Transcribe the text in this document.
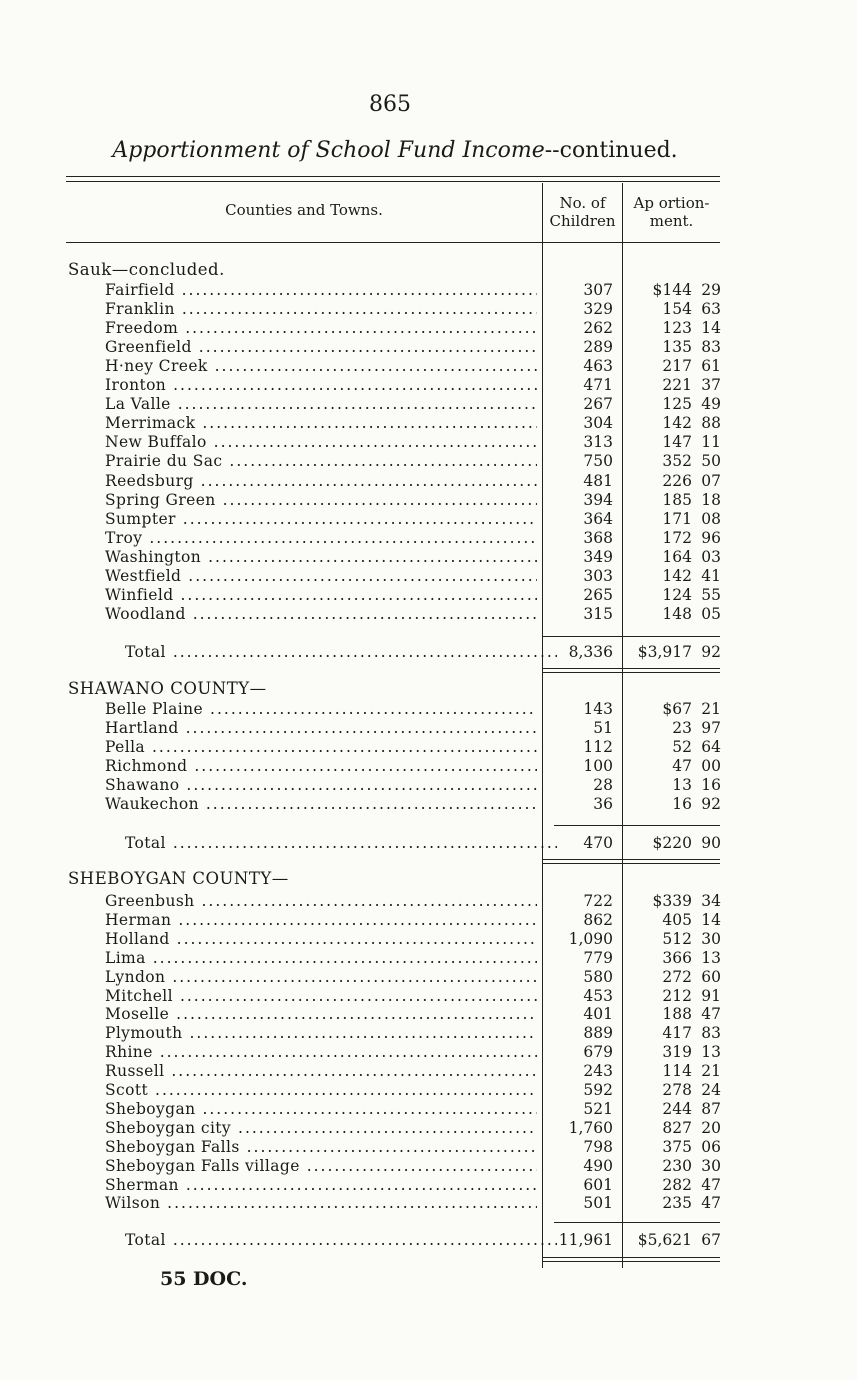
865
Apportionment of School Fund Income--continued.
Counties and Towns.	No. of
Children
Ap ortion-
ment.
Sauk—concluded.
Fairfield .....	307	$144 29
Franklin .....	329	154 63
Freedom .....	262	123 14
Greenfield .....	289	135 83
H·ney Creek .....	463	217 61
Ironton .....	471	221 37
La Valle .....	267	125 49
Merrimack .....	304	142 88
New Buffalo .....	313	147 11
Prairie du Sac .....	750	352 50
Reedsburg .....	481	226 07
Spring Green .....	394	185 18
Sumpter .....	364	171 08
Troy .....	368	172 96
Washington .....	349	164 03
Westfield .....	303	142 41
Winfield .....	265	124 55
Woodland .....	315	148 05
Total .....	8,336	$3,917 92
SHAWANO COUNTY—
Belle Plaine .....	143	$67 21
Hartland .....	51	23 97
Pella .....	112	52 64
Richmond .....	100	47 00
Shawano .....	28	13 16
Waukechon .....	36	16 92
Total .....	470	$220 90
SHEBOYGAN COUNTY—
Greenbush .....	722	$339 34
Herman .....	862	405 14
Holland .....	1,090	512 30
Lima .....	779	366 13
Lyndon .....	580	272 60
Mitchell .....	453	212 91
Moselle .....	401	188 47
Plymouth .....	889	417 83
Rhine .....	679	319 13
Russell .....	243	114 21
Scott .....	592	278 24
Sheboygan .....	521	244 87
Sheboygan city .....	1,760	827 20
Sheboygan Falls .....	798	375 06
Sheboygan Falls village .....	490	230 30
Sherman .....	601	282 47
Wilson .....	501	235 47
Total .....	11,961	$5,621 67
55 DOC.
